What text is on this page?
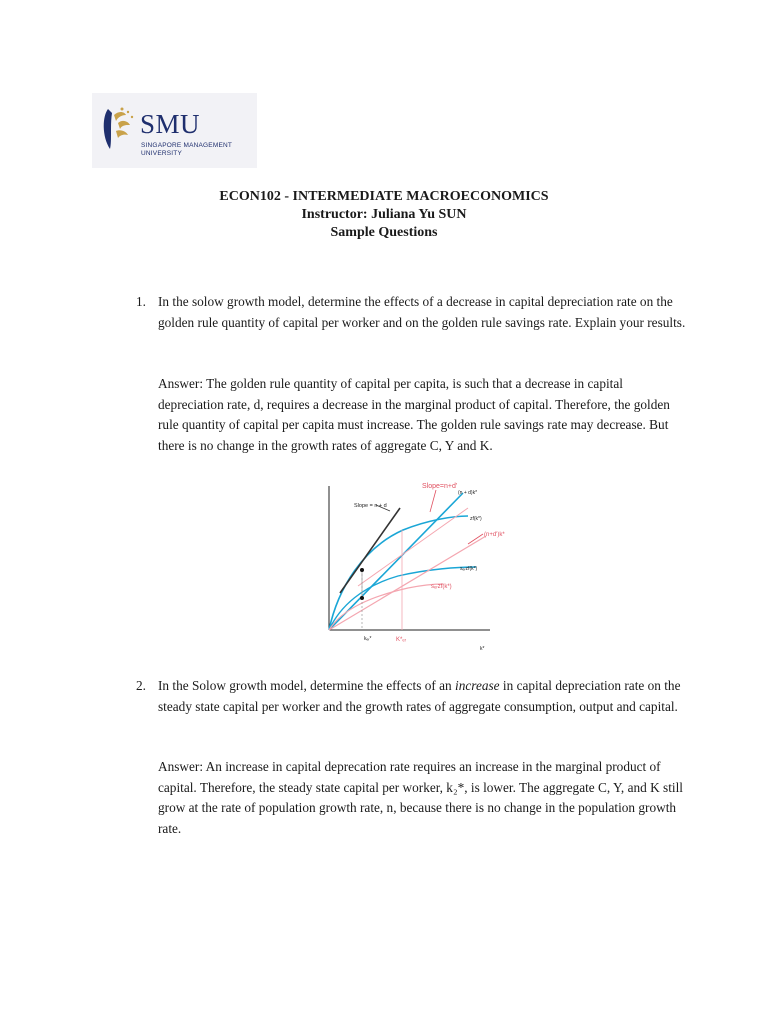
SMU
SINGAPORE MANAGEMENT
UNIVERSITY
ECON102 - INTERMEDIATE MACROECONOMICS
Instructor: Juliana Yu SUN
Sample Questions
1. In the solow growth model, determine the effects of a decrease in capital depreciation rate on the golden rule quantity of capital per worker and on the golden rule savings rate. Explain your results.
Answer: The golden rule quantity of capital per capita, is such that a decrease in capital depreciation rate, d, requires a decrease in the marginal product of capital. Therefore, the golden rule quantity of capital per capita must increase. The golden rule savings rate may decrease. But there is no change in the growth rates of aggregate C, Y and K.
Slope=n+d'
(n + d)k*
Slope = n + d
zf(k*)
(n+d')k*
sₑᵣzf(k*)
sₑᵣzf(k*)
kₑᵣ*	K*ₑᵣ
k*
2. In the Solow growth model, determine the effects of an increase in capital depreciation rate on the steady state capital per worker and the growth rates of aggregate consumption, output and capital.
Answer: An increase in capital deprecation rate requires an increase in the marginal product of capital. Therefore, the steady state capital per worker, k₂*, is lower. The aggregate C, Y, and K still grow at the rate of population growth rate, n, because there is no change in the population growth rate.
